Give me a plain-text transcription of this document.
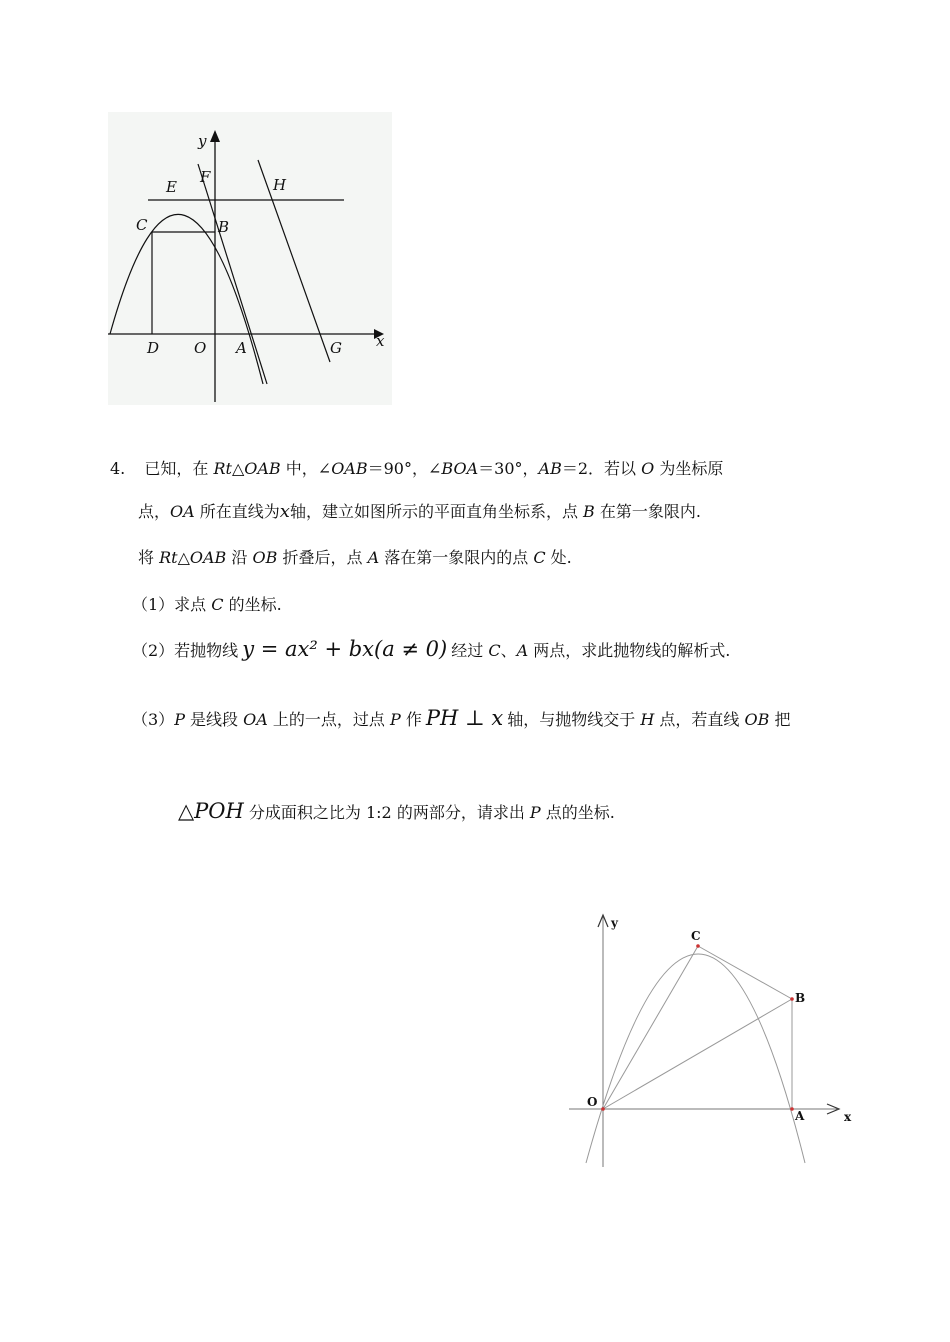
y
x
E
F	H
C	B
D O A	G
4. 已知，在 Rt△OAB 中，∠OAB＝90°，∠BOA＝30°，AB＝2．若以 O 为坐标原
点，OA 所在直线为x轴，建立如图所示的平面直角坐标系，点 B 在第一象限内.
将 Rt△OAB 沿 OB 折叠后，点 A 落在第一象限内的点 C 处.
（1）求点 C 的坐标.
（2）若抛物线 y = ax² + bx(a ≠ 0) 经过 C、A 两点，求此抛物线的解析式.
（3）P 是线段 OA 上的一点，过点 P 作 PH ⊥ x 轴，与抛物线交于 H 点，若直线 OB 把
△POH 分成面积之比为 1:2 的两部分，请求出 P 点的坐标.
y
x
C
B
O
A
